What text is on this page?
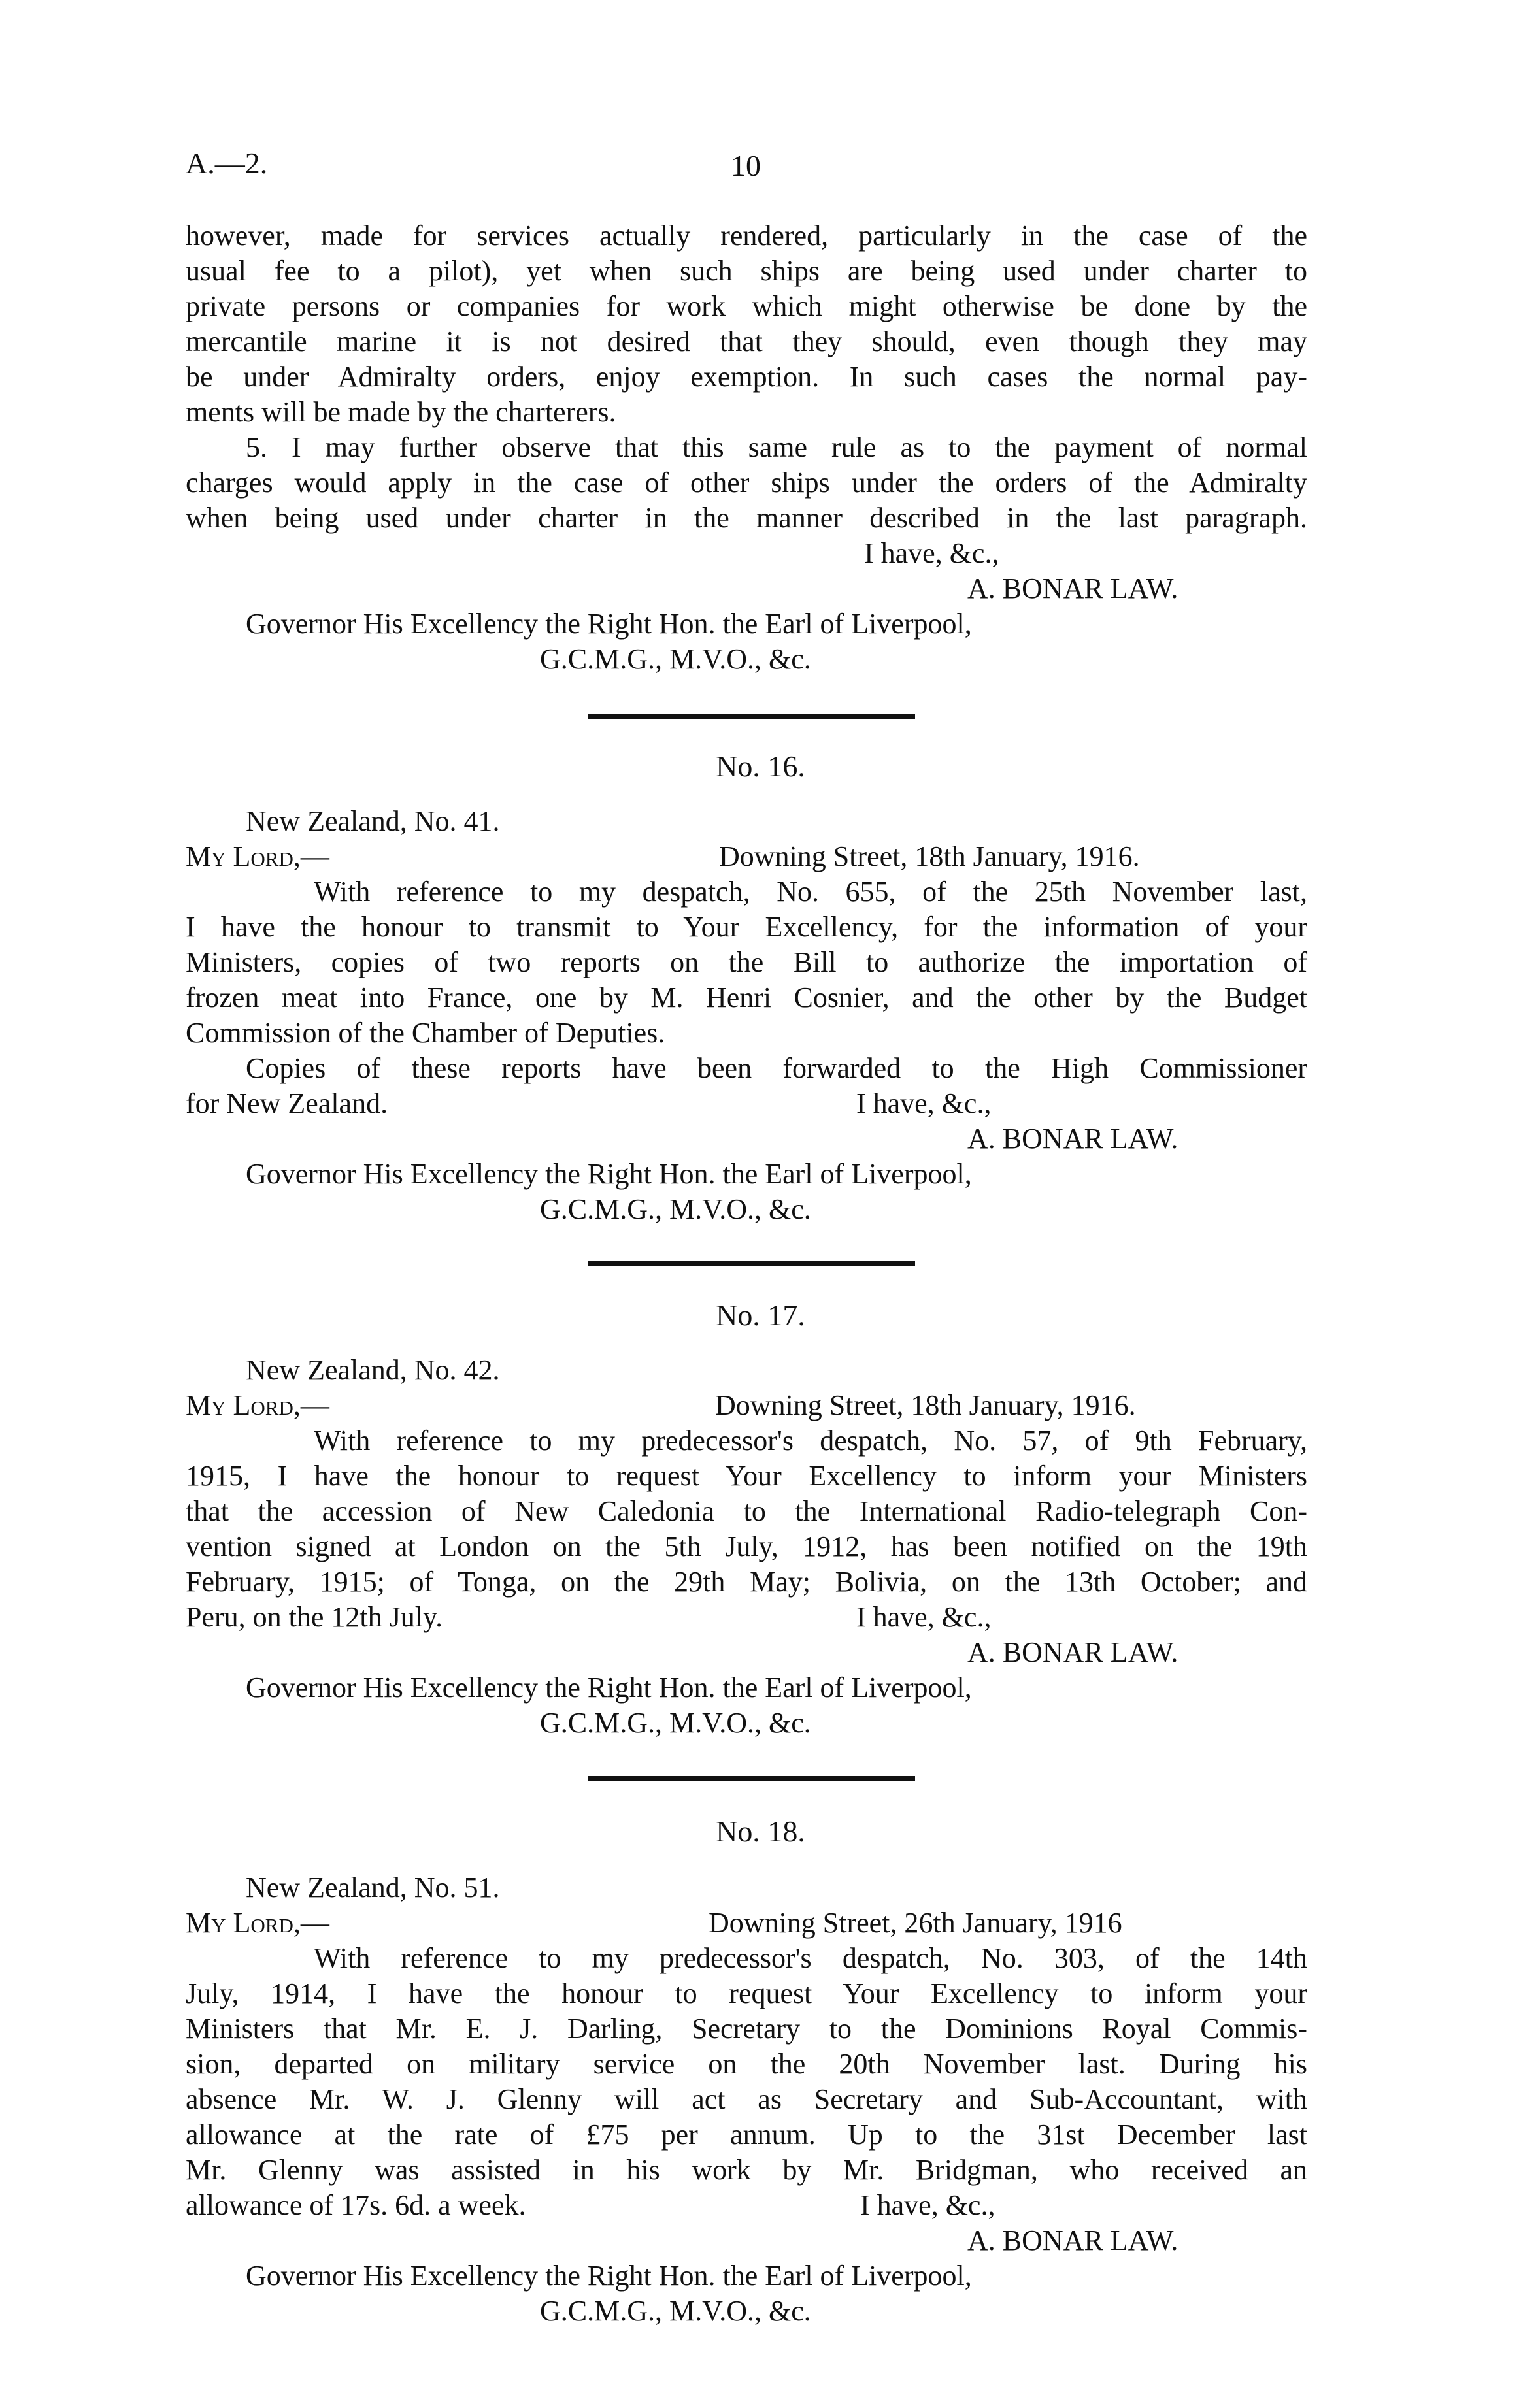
A.—2.	10
however, made for services actually rendered, particularly in the case of the
usual fee to a pilot), yet when such ships are being used under charter to
private persons or companies for work which might otherwise be done by the
mercantile marine it is not desired that they should, even though they may
be under Admiralty orders, enjoy exemption. In such cases the normal pay-
ments will be made by the charterers.
5. I may further observe that this same rule as to the payment of normal
charges would apply in the case of other ships under the orders of the Admiralty
when being used under charter in the manner described in the last paragraph.
I have, &c.,
A. BONAR LAW.
Governor His Excellency the Right Hon. the Earl of Liverpool,
G.C.M.G., M.V.O., &c.
No. 16.
New Zealand, No. 41.
My Lord,—	Downing Street, 18th January, 1916.
With reference to my despatch, No. 655, of the 25th November last,
I have the honour to transmit to Your Excellency, for the information of your
Ministers, copies of two reports on the Bill to authorize the importation of
frozen meat into France, one by M. Henri Cosnier, and the other by the Budget
Commission of the Chamber of Deputies.
Copies of these reports have been forwarded to the High Commissioner
for New Zealand.	I have, &c.,
A. BONAR LAW.
Governor His Excellency the Right Hon. the Earl of Liverpool,
G.C.M.G., M.V.O., &c.
No. 17.
New Zealand, No. 42.
My Lord,—	Downing Street, 18th January, 1916.
With reference to my predecessor's despatch, No. 57, of 9th February,
1915, I have the honour to request Your Excellency to inform your Ministers
that the accession of New Caledonia to the International Radio-telegraph Con-
vention signed at London on the 5th July, 1912, has been notified on the 19th
February, 1915; of Tonga, on the 29th May; Bolivia, on the 13th October; and
Peru, on the 12th July.	I have, &c.,
A. BONAR LAW.
Governor His Excellency the Right Hon. the Earl of Liverpool,
G.C.M.G., M.V.O., &c.
No. 18.
New Zealand, No. 51.
My Lord,—	Downing Street, 26th January, 1916
With reference to my predecessor's despatch, No. 303, of the 14th
July, 1914, I have the honour to request Your Excellency to inform your
Ministers that Mr. E. J. Darling, Secretary to the Dominions Royal Commis-
sion, departed on military service on the 20th November last. During his
absence Mr. W. J. Glenny will act as Secretary and Sub-Accountant, with
allowance at the rate of £75 per annum. Up to the 31st December last
Mr. Glenny was assisted in his work by Mr. Bridgman, who received an
allowance of 17s. 6d. a week.	I have, &c.,
A. BONAR LAW.
Governor His Excellency the Right Hon. the Earl of Liverpool,
G.C.M.G., M.V.O., &c.
